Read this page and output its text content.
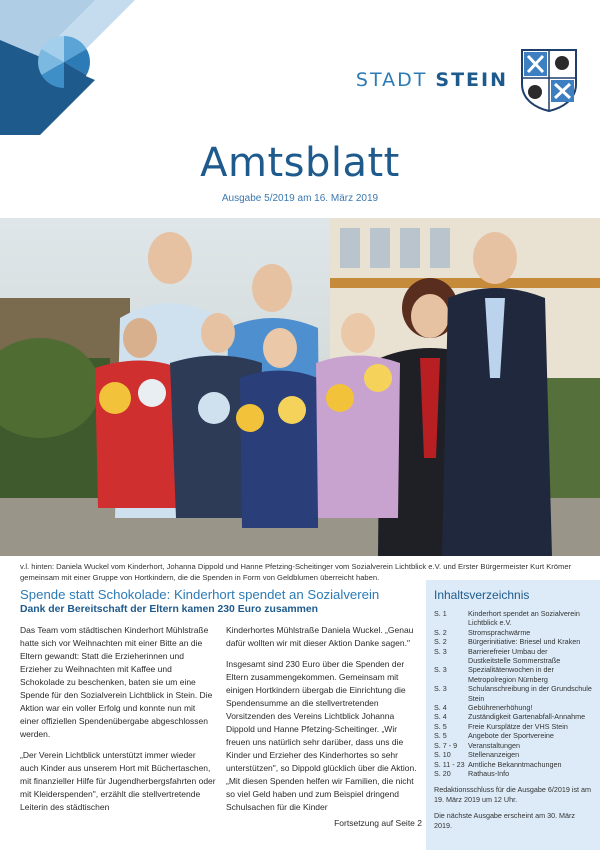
STADT STEIN
Amtsblatt
Ausgabe 5/2019 am 16. März 2019
v.l. hinten: Daniela Wuckel vom Kinderhort, Johanna Dippold und Hanne Pfetzing-Scheitinger vom Sozialverein Lichtblick e.V. und Erster Bürgermeister Kurt Krömer gemeinsam mit einer Gruppe von Hortkindern, die die Spenden in Form von Geldblumen überreicht haben.
Spende statt Schokolade: Kinderhort spendet an Sozialverein
Dank der Bereitschaft der Eltern kamen 230 Euro zusammen

Das Team vom städtischen Kinderhort Mühlstraße hatte sich vor Weihnachten mit einer Bitte an die Eltern gewandt: Statt die Erzieherinnen und Erzieher zu Weihnachten mit Kaffee und Schokolade zu beschenken, baten sie um eine Spende für den Sozialverein Lichtblick in Stein. Die Aktion war ein voller Erfolg und konnte nun mit einer offiziellen Spendenübergabe abgeschlossen werden.

„Der Verein Lichtblick unterstützt immer wieder auch Kinder aus unserem Hort mit Büchertaschen, mit finanzieller Hilfe für Jugendherbergsfahrten oder mit Kleiderspenden", erzählt die stellvertretende Leiterin des städtischen

Kinderhortes Mühlstraße Daniela Wuckel. „Genau dafür wollten wir mit dieser Aktion Danke sagen."

Insgesamt sind 230 Euro über die Spenden der Eltern zusammengekommen. Gemeinsam mit einigen Hortkindern übergab die Einrichtung die Spendensumme an die stellvertretenden Vorsitzenden des Vereins Lichtblick Johanna Dippold und Hanne Pfetzing-Scheitinger. „Wir freuen uns natürlich sehr darüber, dass uns die Kinder und Erzieher des Kinderhortes so sehr unterstützen", so Dippold glücklich über die Aktion. „Mit diesen Spenden helfen wir Familien, die nicht so viel Geld haben und zum Beispiel dringend Schulsachen für die Kinder

Fortsetzung auf Seite 2
Inhaltsverzeichnis
S. 1	Kinderhort spendet an Sozialverein Lichtblick e.V.
S. 2	Stromsprachwärme
S. 2	Bürgerinitiative: Briesel und Kraken
S. 3	Barrierefreier Umbau der Dustkeitstelle Sommerstraße
S. 3	Spezialitätenwochen in der Metropolregion Nürnberg
S. 3	Schulanschreibung in der Grundschule Stein
S. 4	Gebührenerhöhung!
S. 4	Zuständigkeit Gartenabfall-Annahme
S. 5	Freie Kursplätze der VHS Stein
S. 5	Angebote der Sportvereine
S. 7 - 9	Veranstaltungen
S. 10	Stellenanzeigen
S. 11 - 23 Amtliche Bekanntmachungen
S. 20	Rathaus-Info
Redaktionsschluss für die Ausgabe 6/2019 ist am 19. März 2019 um 12 Uhr.
Die nächste Ausgabe erscheint am 30. März 2019.
